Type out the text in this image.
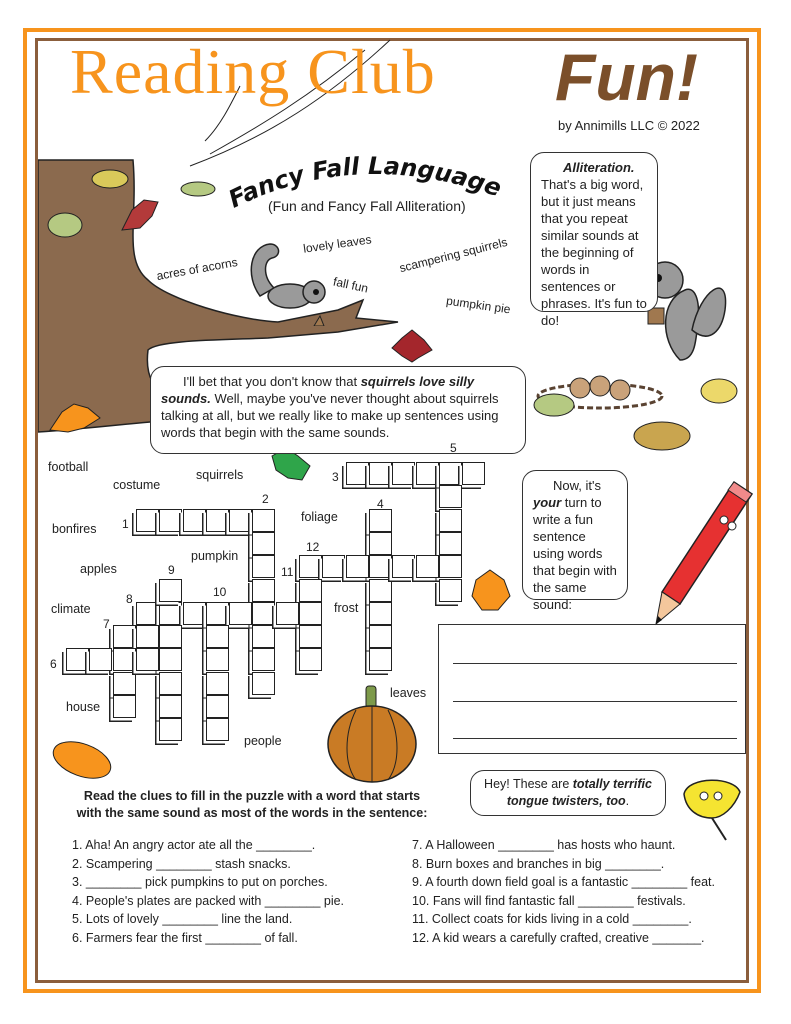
Reading Club Fun!
by Annimills LLC © 2022
Fancy Fall Language
(Fun and Fancy Fall Alliteration)
acres of acorns
lovely leaves
fall fun
scampering squirrels
pumpkin pie
Alliteration. That's a big word, but it just means that you repeat similar sounds at the beginning of words in sentences or phrases. It's fun to do!
I'll bet that you don't know that squirrels love silly sounds. Well, maybe you've never thought about squirrels talking at all, but we really like to make up sentences using words that begin with the same sounds.
Now, it's your turn to write a fun sentence using words that begin with the same sound:
Hey! These are totally terrific tongue twisters, too.
football
costume
squirrels
bonfires
foliage
apples
pumpkin
climate	frost
house
leaves
people
1
2
3
4
5
6
7
8
9
10
11
12
Read the clues to fill in the puzzle with a word that starts with the same sound as most of the words in the sentence:
1. Aha! An angry actor ate all the ________.
2. Scampering ________ stash snacks.
3. ________ pick pumpkins to put on porches.
4. People's plates are packed with ________ pie.
5. Lots of lovely ________ line the land.
6. Farmers fear the first ________ of fall.
7. A Halloween ________ has hosts who haunt.
8. Burn boxes and branches in big ________.
9. A fourth down field goal is a fantastic ________ feat.
10. Fans will find fantastic fall ________ festivals.
11. Collect coats for kids living in a cold ________.
12. A kid wears a carefully crafted, creative _______.
